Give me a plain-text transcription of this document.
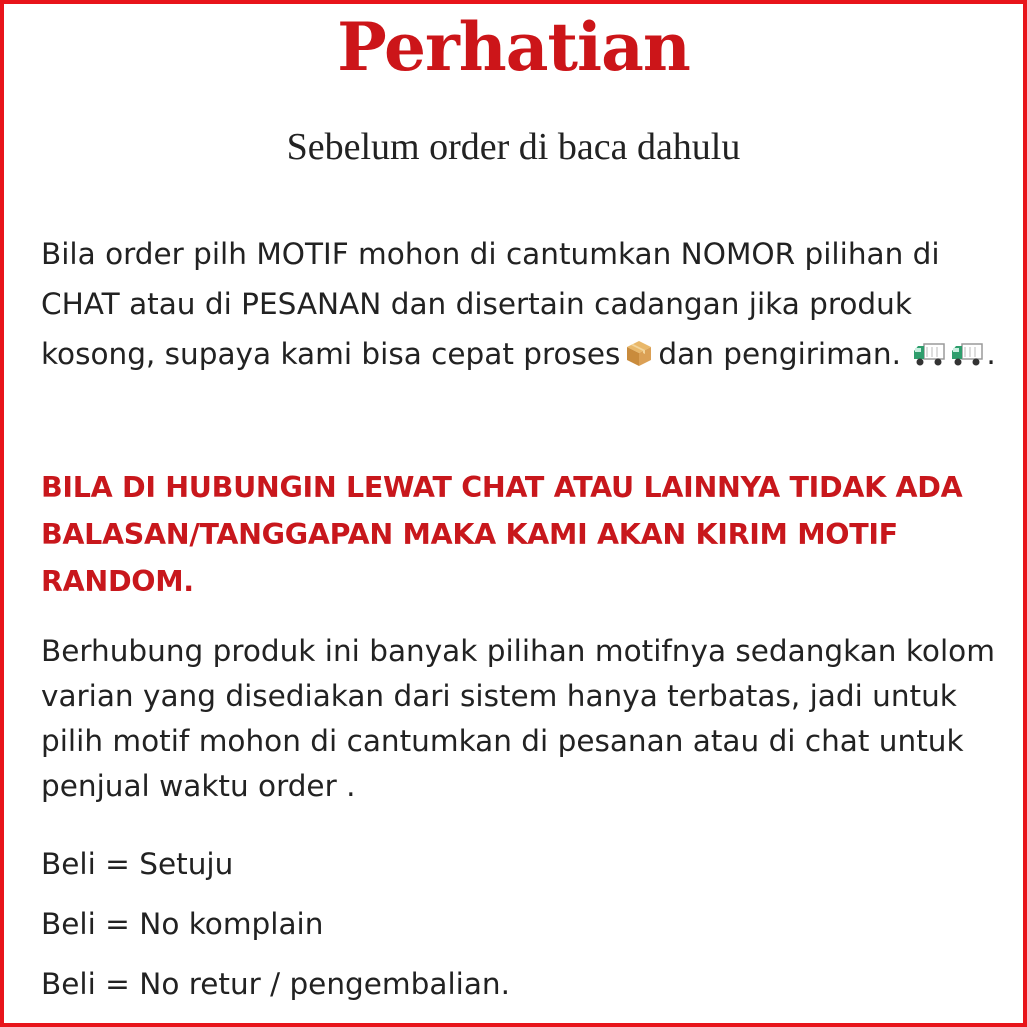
Perhatian
Sebelum order di baca dahulu

Bila order pilh MOTIF mohon di cantumkan NOMOR pilihan di CHAT atau di PESANAN dan disertain cadangan jika produk kosong, supaya kami bisa cepat proses dan pengiriman.	.

BILA DI HUBUNGIN LEWAT CHAT ATAU LAINNYA TIDAK ADA BALASAN/TANGGAPAN MAKA KAMI AKAN KIRIM MOTIF RANDOM.

Berhubung produk ini banyak pilihan motifnya sedangkan kolom varian yang disediakan dari sistem hanya terbatas, jadi untuk pilih motif mohon di cantumkan di pesanan atau di chat untuk penjual waktu order .

Beli = Setuju
Beli = No komplain
Beli = No retur / pengembalian.
